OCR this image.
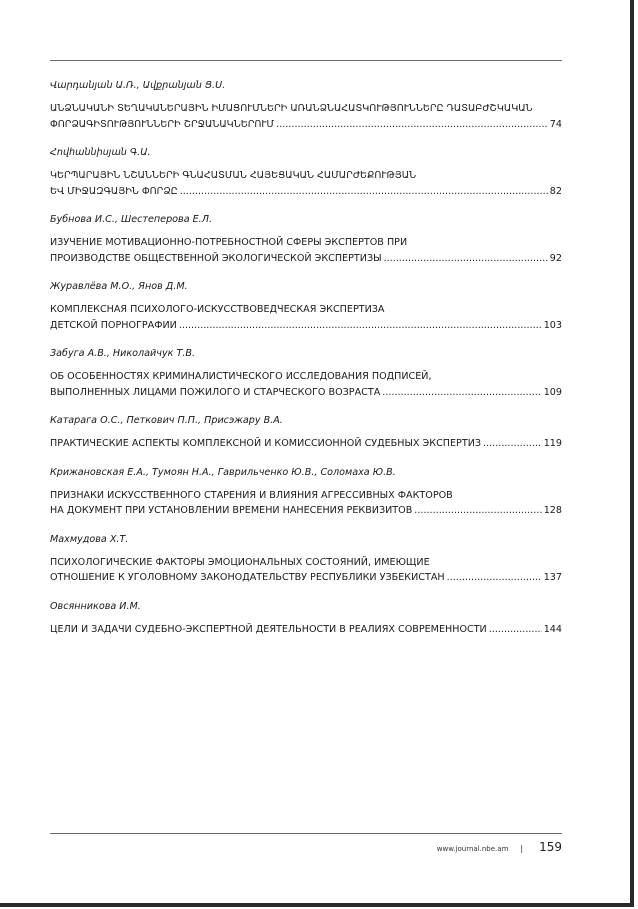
Վարդանյան Ա.Ռ., Ավքրանյան Ց.Ս.
ԱՆՁՆԱԿԱՆԻ ՏԵՂԱԿԱՆԵՐԱՅԻՆ ԻՄԱՑՈՒՄՆԵՐԻ ԱՌԱՆՁՆԱՀԱՏԿՈՒԹՅՈՒՆՆԵՐԸ ԴԱՏԱԲԺՇԿԱԿԱՆ
ՓՈՐՁԱԳԻՏՈՒԹՅՈՒՆՆԵՐԻ ՇՐՋԱՆԱԿՆԵՐՈՒՄ .....	74
Հովհաննիսյան Գ.Ա.
ԿԵՐՊԱՐԱՅԻՆ ՆՇԱՆՆԵՐԻ ԳՆԱՀԱՏՄԱՆ ՀԱՅԵՑԱԿԱՆ ՀԱՄԱՐԺԵՔՈՒԹՅԱՆ
ԵՎ ՄԻՋԱԶԳԱՅԻՆ ՓՈՐՁԸ .....	82
Бубнова И.С., Шестеперова Е.Л.
ИЗУЧЕНИЕ МОТИВАЦИОННО-ПОТРЕБНОСТНОЙ СФЕРЫ ЭКСПЕРТОВ ПРИ
ПРОИЗВОДСТВЕ ОБЩЕСТВЕННОЙ ЭКОЛОГИЧЕСКОЙ ЭКСПЕРТИЗЫ .....	92
Журавлёва М.О., Янов Д.М.
КОМПЛЕКСНАЯ ПСИХОЛОГО-ИСКУССТВОВЕДЧЕСКАЯ ЭКСПЕРТИЗА
ДЕТСКОЙ ПОРНОГРАФИИ .....	103
Забуга А.В., Николайчук Т.В.
ОБ ОСОБЕННОСТЯХ КРИМИНАЛИСТИЧЕСКОГО ИССЛЕДОВАНИЯ ПОДПИСЕЙ,
ВЫПОЛНЕННЫХ ЛИЦАМИ ПОЖИЛОГО И СТАРЧЕСКОГО ВОЗРАСТА .....	109
Катарага О.С., Петкович П.П., Присэжару В.А.
ПРАКТИЧЕСКИЕ АСПЕКТЫ КОМПЛЕКСНОЙ И КОМИССИОННОЙ СУДЕБНЫХ ЭКСПЕРТИЗ .....	119
Крижановская Е.А., Тумоян Н.А., Гаврильченко Ю.В., Соломаха Ю.В.
ПРИЗНАКИ ИСКУССТВЕННОГО СТАРЕНИЯ И ВЛИЯНИЯ АГРЕССИВНЫХ ФАКТОРОВ
НА ДОКУМЕНТ ПРИ УСТАНОВЛЕНИИ ВРЕМЕНИ НАНЕСЕНИЯ РЕКВИЗИТОВ .....	128
Махмудова Х.Т.
ПСИХОЛОГИЧЕСКИЕ ФАКТОРЫ ЭМОЦИОНАЛЬНЫХ СОСТОЯНИЙ, ИМЕЮЩИЕ
ОТНОШЕНИЕ К УГОЛОВНОМУ ЗАКОНОДАТЕЛЬСТВУ РЕСПУБЛИКИ УЗБЕКИСТАН .....	137
Овсянникова И.М.
ЦЕЛИ И ЗАДАЧИ СУДЕБНО-ЭКСПЕРТНОЙ ДЕЯТЕЛЬНОСТИ В РЕАЛИЯХ СОВРЕМЕННОСТИ .....	144
www.journal.nbe.am | 159
